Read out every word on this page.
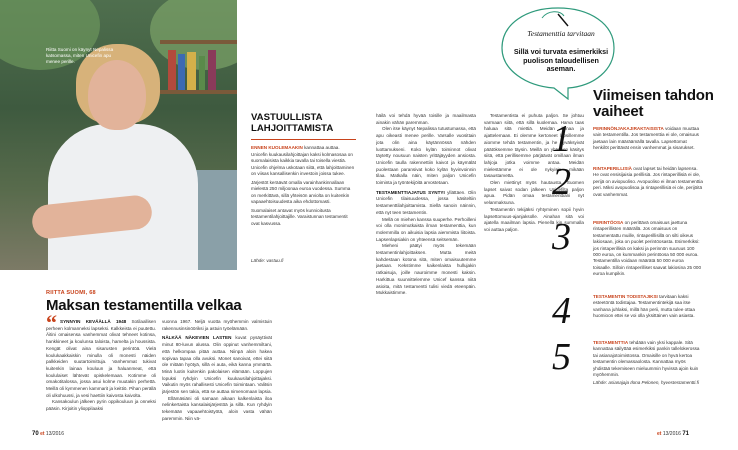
Riitta Suomi on käynyt Nepalissa katsomassa, miten Unicefin apu menee perille.
RIITTA SUOMI, 68
Maksan testamentilla velkaa
“ SYNNYIN KEVÄÄLLÄ 1948 Sotilaallisen perheen kolmanneksi lapseksi. Kalkkeista ei puutettu. Äitini omaisensa vanhemmat olivat tehneet kotinsa, hankkineet ja koulunsa taloista, hamelta ja houssista. Kengät olivat aina sisarusten perintöä. Vielä koulukaakkaiskin minulla oli monesti näiden palkkeiden suutartoimittuja. Vanhemmat tukivat kuitenkin lainaa kouluun ja haluanmeat, että koululaiset lähtevät opiskelemaan. Kotimme oli omakotitalossa, jossa asui kolme muutakin perhettä. Meillä oli kymmenen kammarit ja keittiö. Pihan perällä oli ulkohuussi, ja vesi haettiin kaivosta kaivolta.
Kansakoulun jälkeen pyrin oppikouluun ja onneksi pääsin. Kirjoitin ylioppilaaksi
vuonna 1967. Neljä vuotta myöhemmin valmistuin rakennusinsinööriksi ja astuin työelämään.
NÄLKÄÄ NÄKEVIEN LASTEN kuvat pysäyttivät minut 80-luvun alussa. Olin oppinut vanhemmiltani, että helkompaa pitää auttaa. Niinpä aloin hakea sopivaa tapaa olla avuksi. Monet sanoivat, ettei siitä ole mitään hyötyä, sillä ei auta, eikä kanna ymmärtä. Minä luotin kuitenkin pakolaisen elämään. Loppujen lopuksi ryhdyin Unicefin kuukausilahjoittajaksi. Vaikutin myös rahallisesti Unicefin toimintaan. Valitsin järjestön sen takia, että se auttaa nimenomaan lapsia.
Ellämäsiäni oli samaan aikaan kalkenlaista iloa nelinkertaista kansalaisjärjestöä ja sillä. Kun ryhdyin tekemään vapaaehtoistyötä, aloin vasta vähän paremmin. Niin vä-
VASTUULLISTA LAHJOITTAMISTA

ENNEN KUOLEMAAKIN kannattaa auttaa. Unicefin kuukausilahjoittajan kaksi kolmasosaa on suomalaisista kaikkia tavalla tai toisella viestiä. Unicefin ohjelma uskotaan siitä, että lahjoittaminen on viisas kansallisenkin investoin joissa tukee.

Järjestöt keräävät omalla varainhankinnallaan mielestä 250 miljoonaa euroa vuodessa. Summa on merkittävä, sillä yhteisön arviolta on kuitenkin vapaaehtoisuudesta aika ehdottomasti.

Suomalaiset antavat myös kunnioitusta testamentilahjoittajille. Varaistunnan testamentit ovat kasvussa.

Lähde: vastuu.fi
häilä voi tehdä hyvää toisille ja maailmasta ainakin vähän paremman.
Olen itse käynyt Nepalissa tutustumassa, että apu oikeasti menee perille. Varsalle vuosittain jota olin aina käytännössä nähden luottamukseni. Koko kylän toiminnot olivat täytetty nousuun naisten yrittäjäyyden ansiosta. Unicefin taulla rakennettiin kaivot ja käymälät puolestaan paransivat koko kylän hyvinvoinnin tilaa. Matkalla näin, miten paljon Unicefin toiminta ja työntekijöitä arvostetaan.
TESTAMENTTIAJATUS SYNTYI yllättäen. Olin Unicefin tilaisuudessa, jossa käsiteltiin testamenttilahjoittamista. Siellä sanoin näinnin, että nyt teen testamentin.
Mellä on miehen kanssa suuperhe. Perhoilleni voi olla monimutkaista ilman testamenttia, kun molemmilla on aikuisia lapsia aiemmista liitoista. Lapsenlapsiakin on yhteensä seitsemän.
Mieheni päätyi myös tekemään testamentinlahjoittaksen. Mutta meitä kahdestaan kotona sitä, miten omaisuutemme jaetaan. Kekstimme kaikenlaista hullujakin ratkaisuja, joille nauroimme monesti kaksin. Harkittua suunnittelemme Unicef kanssa niitä asioita, mitä testamentti tulisi viedä eteenpäin. Mukkaistimme.
Testamentista ei puhuta paljon. Se johtuu varmaan siitä, että sillä kuolemaa. Harva taas haluaa sitä miettiä. Meidän lainaa ja ajattelemaan. Ei olemme kertoneet lapsillemme aiomme tehdä testamentin, ja he hyväksyivät päätöksemme täysin. Meillä on yhteinen käsitys siitä, että perillisemme pärjäävät omillaan ilman lahjoja jotka voimme antaa. Meidän mielestämme ei ole nykyisin mikään tasaustarvetta.
Olen miettinyt myös hautausta. Suomen lapset saivat sodan jälkeen Unicefilta paljon apua. Pidän omaa testamenttiani nyt velanmaksuna.
Testamentin tekijäksi ryhtyminen sopii hyvin lapsettomuus-ajanjaksolle. Ainahan sitä voi ajatella maailman lapsia. Pienellä kin summalla voi auttaa paljon.
Testamenttia tarvitaan
Sillä voi turvata esimerkiksi puolison taloudellisen aseman.
Viimeisen tahdon vaiheet
1	PERINNÖNJAKAJIRAKTAISISTA voidaan muuttaa vain testamentilla. Jos testamenttia ei ole, omaisuus jaetaan lain määräämällä tavalla. Lapsettomat henkilöt perittävät ensin vanhemmat ja sisarukset.
2	RINTAPERILLISIÄ ovat lapset tai heidän lapsensa. He ovat ensisijaisia perillisiä. Jos rintaperillisiä ei ole, perijä on aviopuoliso. Avopuoliso ei ilman testamenttia peri. Miksi avopuolisoa ja rintaperillisiä ei ole, perijöitä ovat vanhemmat.
3	PERINTÖOSA on perittävä omaisuus jaettuna rintaperillisten määrällä. Jos omaisuus on testamentattu muille, rintaperillisillä on silti oikeus lakiosaan, joka on puolet perintöosasta. Esimerkiksi: jos rintaperillisiä on kaksi ja perinnön suuruus 100 000 euroa, on kummankin perintöosa 50 000 euroa. Testamentilla voidaan määrätä 50 000 euroa toisaalle. Silloin rintaperilliset saavat lakiosina 25 000 euroa kumpikin.
4	TESTAMENTIN TODISTAJIKSI tarvitaan kaksi esteetöntä todistajaa. Testamentintekijä saa itse vanhana juhlaksi, millä hän perii, mutta tulee ottaa huomioon ettei se voi olla yksittäinen vain asiasta.
5	TESTAMENTTIA tehdään vain yksi kappale. Sitä kannattaa säilyttää esimerkiksi pankin tallelokerossa tai asianajotoimistossa. Omaisille on hyvä kertoa testamentin olemassaolosta. Kannattaa myös yhdistää tekemiseen mieluummin hyvissä ajoin kuin myöhemmin.
Lähde: asianajaja Ilona Pelonen, hyvestestamentti.fi
70 et 13/2016	et 13/2016 71
